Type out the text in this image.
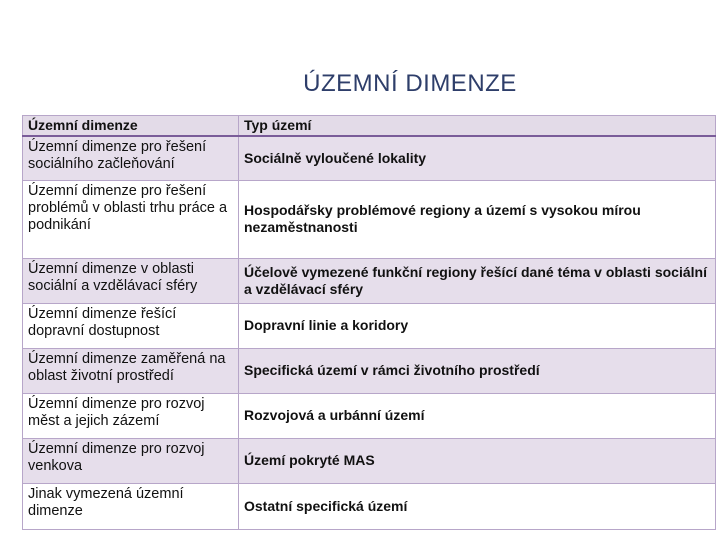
ÚZEMNÍ DIMENZE
Územní dimenze	Typ území
Územní dimenze pro řešení sociálního začleňování	Sociálně vyloučené lokality
Územní dimenze pro řešení problémů v oblasti trhu práce a podnikání	Hospodářsky problémové regiony a území s vysokou mírou nezaměstnanosti
Územní dimenze v oblasti sociální a vzdělávací sféry	Účelově vymezené funkční regiony řešící dané téma v oblasti sociální a vzdělávací sféry
Územní dimenze řešící dopravní dostupnost	Dopravní linie a koridory
Územní dimenze zaměřená na oblast životní prostředí	Specifická území v rámci životního prostředí
Územní dimenze pro rozvoj měst a jejich zázemí	Rozvojová a urbánní území
Územní dimenze pro rozvoj venkova	Území pokryté MAS
Jinak vymezená územní dimenze	Ostatní specifická území
